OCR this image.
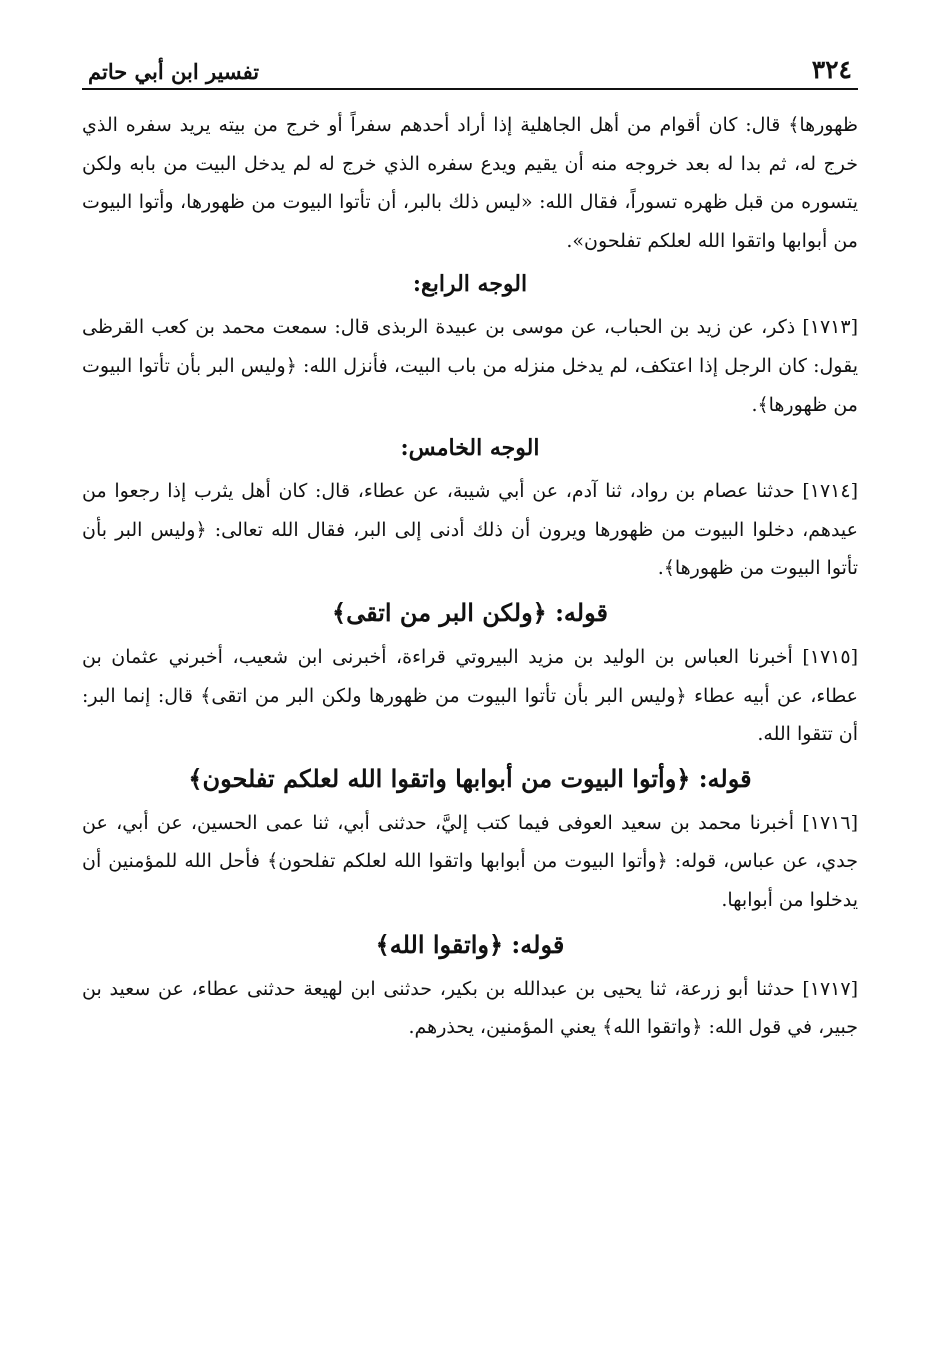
٣٢٤
تفسير ابن أبي حاتم

ظهورها﴾ قال: كان أقوام من أهل الجاهلية إذا أراد أحدهم سفراً أو خرج من بيته يريد سفره الذي خرج له، ثم بدا له بعد خروجه منه أن يقيم ويدع سفره الذي خرج له لم يدخل البيت من بابه ولكن يتسوره من قبل ظهره تسوراً، فقال الله: «ليس ذلك بالبر، أن تأتوا البيوت من ظهورها، وأتوا البيوت من أبوابها واتقوا الله لعلكم تفلحون».

الوجه الرابع:

[١٧١٣] ذكر، عن زيد بن الحباب، عن موسى بن عبيدة الربذى قال: سمعت محمد بن كعب القرظى يقول: كان الرجل إذا اعتكف، لم يدخل منزله من باب البيت، فأنزل الله: ﴿وليس البر بأن تأتوا البيوت من ظهورها﴾.

الوجه الخامس:

[١٧١٤] حدثنا عصام بن رواد، ثنا آدم، عن أبي شيبة، عن عطاء، قال: كان أهل يثرب إذا رجعوا من عيدهم، دخلوا البيوت من ظهورها ويرون أن ذلك أدنى إلى البر، فقال الله تعالى: ﴿وليس البر بأن تأتوا البيوت من ظهورها﴾.

قوله: ﴿ولكن البر من اتقى﴾

[١٧١٥] أخبرنا العباس بن الوليد بن مزيد البيروتي قراءة، أخبرنى ابن شعيب، أخبرني عثمان بن عطاء، عن أبيه عطاء ﴿وليس البر بأن تأتوا البيوت من ظهورها ولكن البر من اتقى﴾ قال: إنما البر: أن تتقوا الله.

قوله: ﴿وأتوا البيوت من أبوابها واتقوا الله لعلكم تفلحون﴾

[١٧١٦] أخبرنا محمد بن سعيد العوفى فيما كتب إليَّ، حدثنى أبي، ثنا عمى الحسين، عن أبي، عن جدي، عن عباس، قوله: ﴿وأتوا البيوت من أبوابها واتقوا الله لعلكم تفلحون﴾ فأحل الله للمؤمنين أن يدخلوا من أبوابها.

قوله: ﴿واتقوا الله﴾

[١٧١٧] حدثنا أبو زرعة، ثنا يحيى بن عبدالله بن بكير، حدثنى ابن لهيعة حدثنى عطاء، عن سعيد بن جبير، في قول الله: ﴿واتقوا الله﴾ يعني المؤمنين، يحذرهم.
